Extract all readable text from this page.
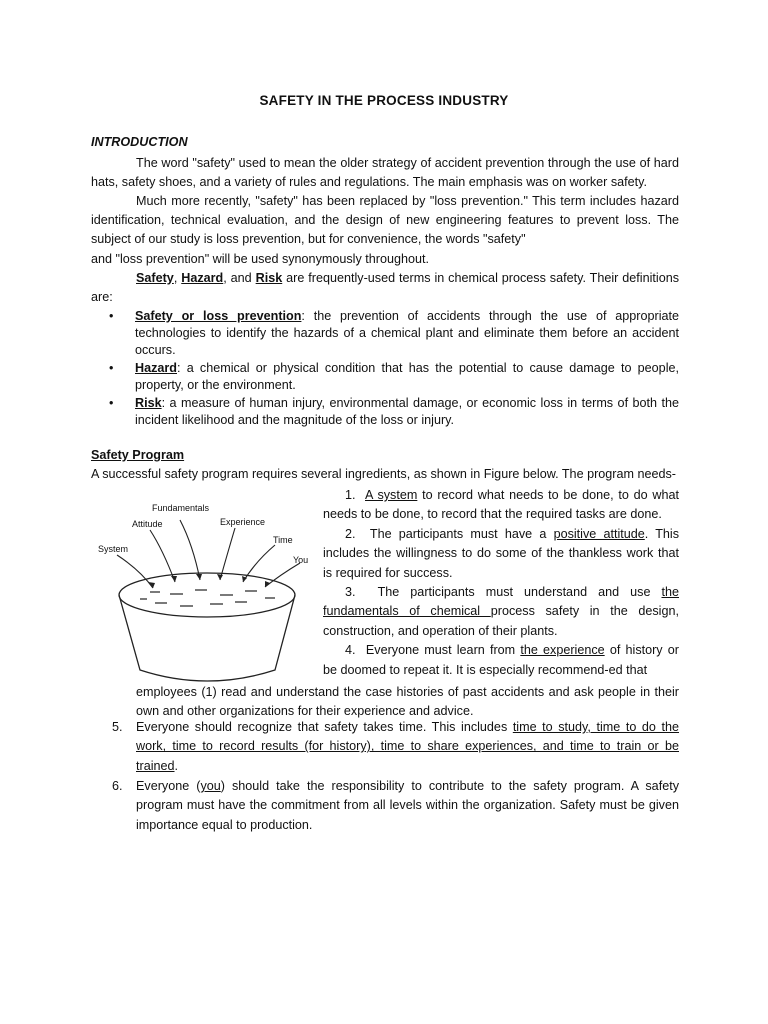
SAFETY IN THE PROCESS INDUSTRY
INTRODUCTION

The word "safety" used to mean the older strategy of accident prevention through the use of hard hats, safety shoes, and a variety of rules and regulations. The main emphasis was on worker safety.

Much more recently, "safety" has been replaced by "loss prevention." This term includes hazard identification, technical evaluation, and the design of new engineering features to prevent loss. The subject of our study is loss prevention, but for convenience, the words "safety"

and "loss prevention" will be used synonymously throughout.

Safety, Hazard, and Risk are frequently-used terms in chemical process safety. Their definitions are:

• Safety or loss prevention: the prevention of accidents through the use of appropriate technologies to identify the hazards of a chemical plant and eliminate them before an accident occurs.
• Hazard: a chemical or physical condition that has the potential to cause damage to people, property, or the environment.
• Risk: a measure of human injury, environmental damage, or economic loss in terms of both the incident likelihood and the magnitude of the loss or injury.
Safety Program
A successful safety program requires several ingredients, as shown in Figure below. The program needs-
Fundamentals
Attitude	Experience
Time
System
You

1. A system to record what needs to be done, to do what needs to be done, to record that the required tasks are done.

2. The participants must have a positive attitude. This includes the willingness to do some of the thankless work that is required for success.

3. The participants must understand and use the fundamentals of chemical process safety in the design, construction, and operation of their plants.

4. Everyone must learn from the experience of history or be doomed to repeat it. It is especially recommend-ed that

employees (1) read and understand the case histories of past accidents and ask people in their own and other organizations for their experience and advice.

5. Everyone should recognize that safety takes time. This includes time to study, time to do the work, time to record results (for history), time to share experiences, and time to train or be trained.

6. Everyone (you) should take the responsibility to contribute to the safety program. A safety program must have the commitment from all levels within the organization. Safety must be given importance equal to production.
